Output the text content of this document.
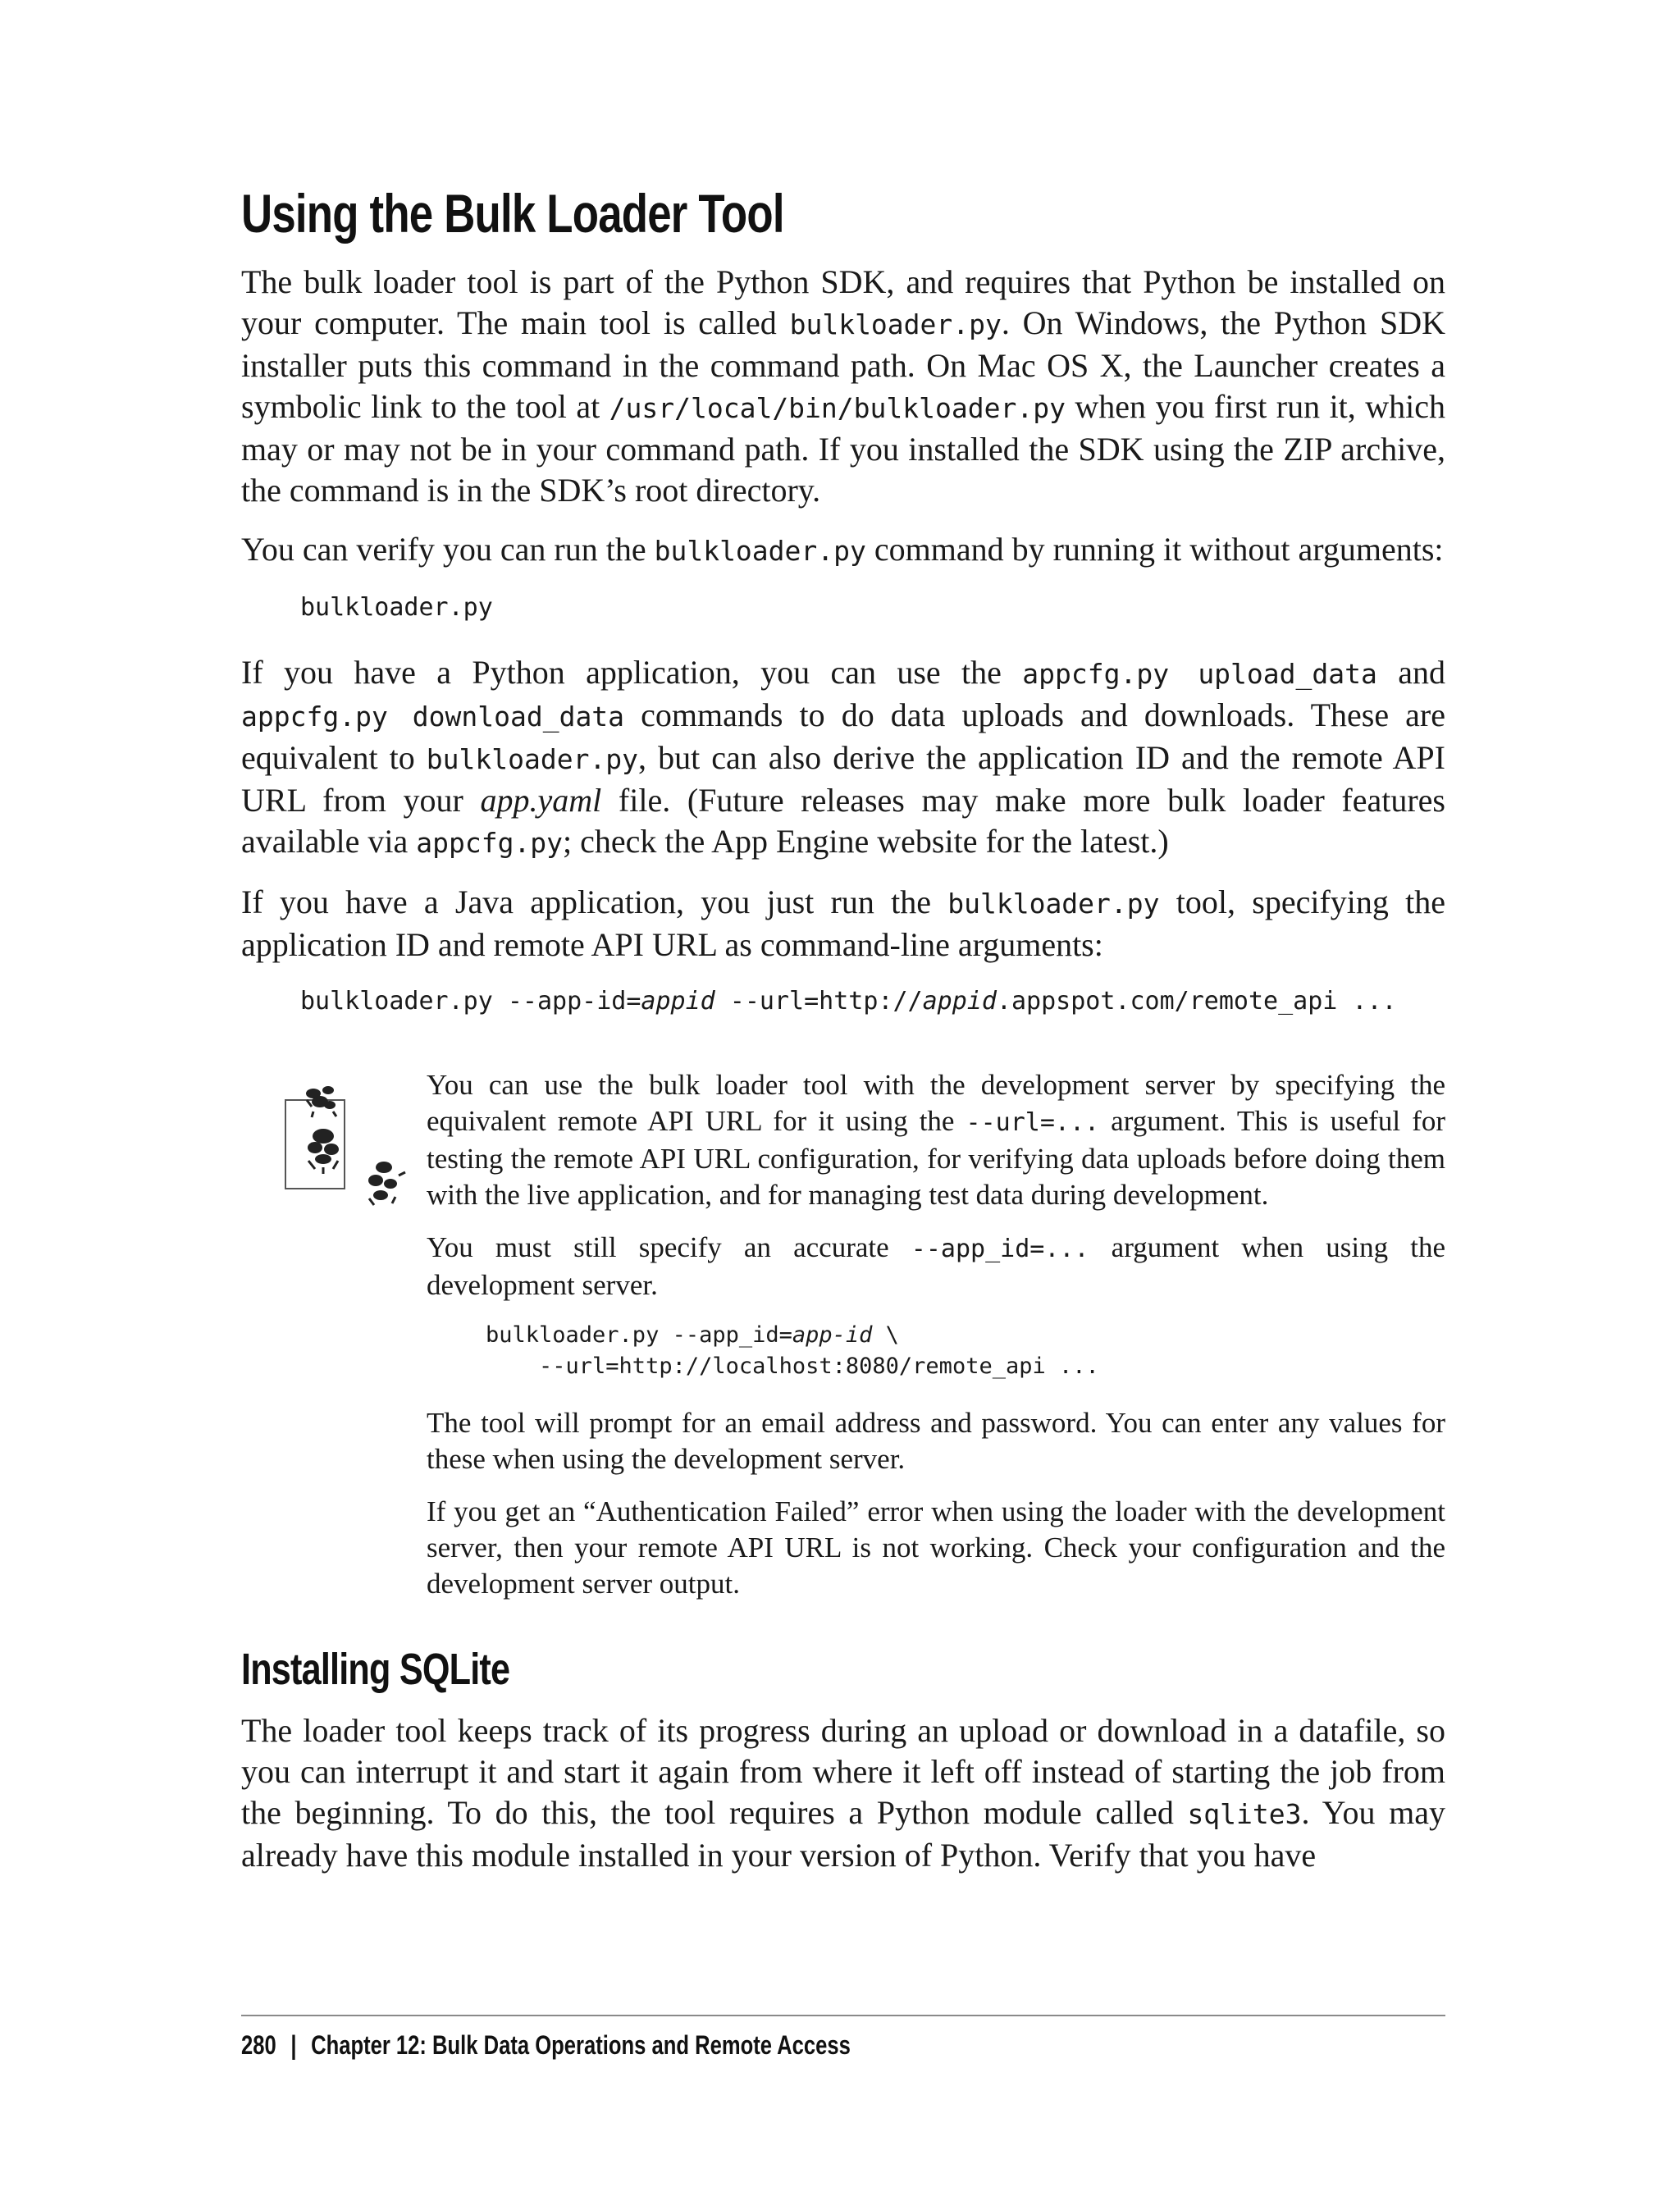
Using the Bulk Loader Tool

The bulk loader tool is part of the Python SDK, and requires that Python be installed on your computer. The main tool is called bulkloader.py. On Windows, the Python SDK installer puts this command in the command path. On Mac OS X, the Launcher creates a symbolic link to the tool at /usr/local/bin/bulkloader.py when you first run it, which may or may not be in your command path. If you installed the SDK using the ZIP archive, the command is in the SDK’s root directory.

You can verify you can run the bulkloader.py command by running it without arguments:

bulkloader.py

If you have a Python application, you can use the appcfg.py upload_data and appcfg.py download_data commands to do data uploads and downloads. These are equivalent to bulkloader.py, but can also derive the application ID and the remote API URL from your app.yaml file. (Future releases may make more bulk loader features available via appcfg.py; check the App Engine website for the latest.)

If you have a Java application, you just run the bulkloader.py tool, specifying the application ID and remote API URL as command-line arguments:

bulkloader.py --app-id=appid --url=http://appid.appspot.com/remote_api ...

You can use the bulk loader tool with the development server by specifying the equivalent remote API URL for it using the --url=... argument. This is useful for testing the remote API URL configuration, for verifying data uploads before doing them with the live application, and for managing test data during development.

You must still specify an accurate --app_id=... argument when using the development server.

bulkloader.py --app_id=app-id \
--url=http://localhost:8080/remote_api ...

The tool will prompt for an email address and password. You can enter any values for these when using the development server.

If you get an “Authentication Failed” error when using the loader with the development server, then your remote API URL is not working. Check your configuration and the development server output.

Installing SQLite

The loader tool keeps track of its progress during an upload or download in a datafile, so you can interrupt it and start it again from where it left off instead of starting the job from the beginning. To do this, the tool requires a Python module called sqlite3. You may already have this module installed in your version of Python. Verify that you have

280 | Chapter 12: Bulk Data Operations and Remote Access
